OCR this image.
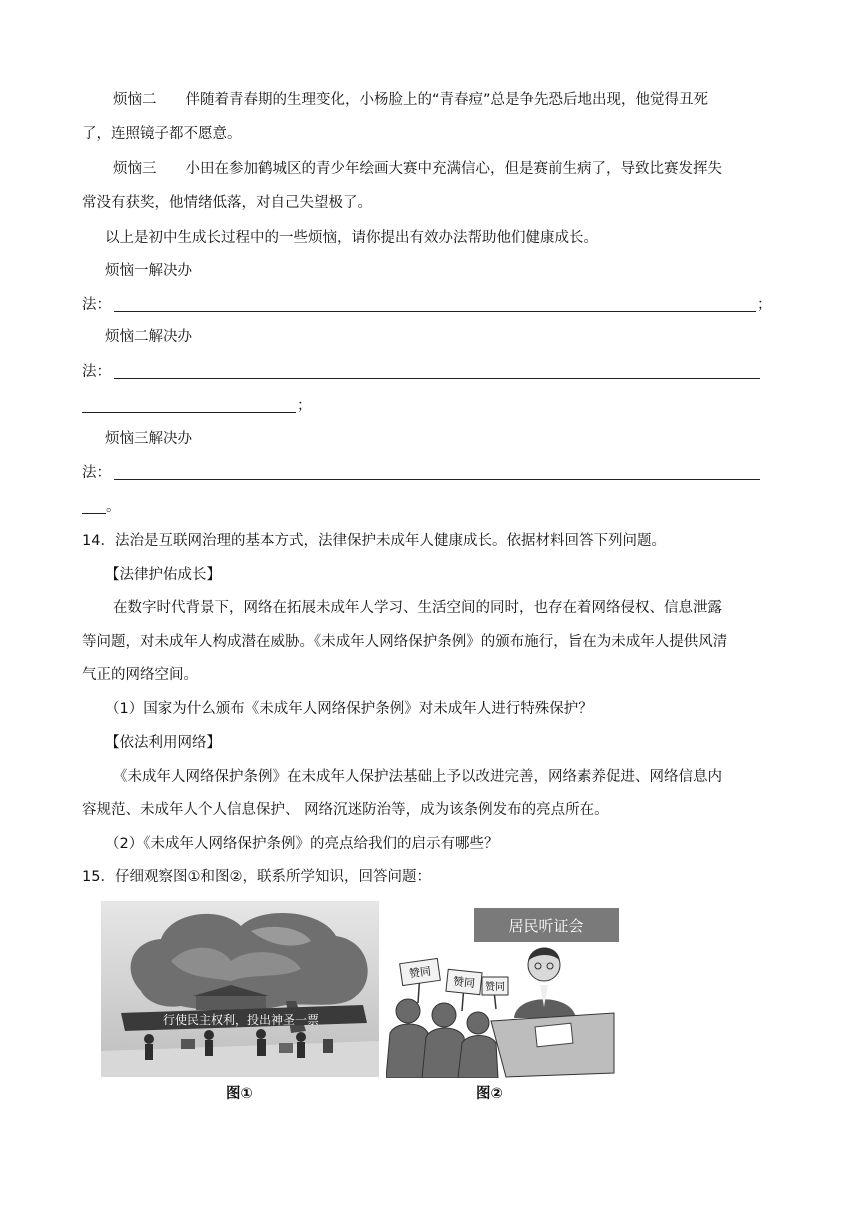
烦恼二　　伴随着青春期的生理变化，小杨脸上的“青春痘”总是争先恐后地出现，他觉得丑死
了，连照镜子都不愿意。
烦恼三　　小田在参加鹤城区的青少年绘画大赛中充满信心，但是赛前生病了，导致比赛发挥失
常没有获奖，他情绪低落，对自己失望极了。
以上是初中生成长过程中的一些烦恼，请你提出有效办法帮助他们健康成长。
烦恼一解决办
法：	；
烦恼二解决办
法：
；
烦恼三解决办
法：
。
14．法治是互联网治理的基本方式，法律保护未成年人健康成长。依据材料回答下列问题。
【法律护佑成长】
在数字时代背景下，网络在拓展未成年人学习、生活空间的同时，也存在着网络侵权、信息泄露
等问题，对未成年人构成潜在威胁。《未成年人网络保护条例》的颁布施行，旨在为未成年人提供风清
气正的网络空间。
（1）国家为什么颁布《未成年人网络保护条例》对未成年人进行特殊保护？
【依法利用网络】
《未成年人网络保护条例》在未成年人保护法基础上予以改进完善，网络素养促进、网络信息内
容规范、未成年人个人信息保护、 网络沉迷防治等，成为该条例发布的亮点所在。
（2）《未成年人网络保护条例》的亮点给我们的启示有哪些？
15．仔细观察图①和图②，联系所学知识，回答问题：
行使民主权利，投出神圣一票
图①
居民听证会
赞同
赞同 赞同
图②
